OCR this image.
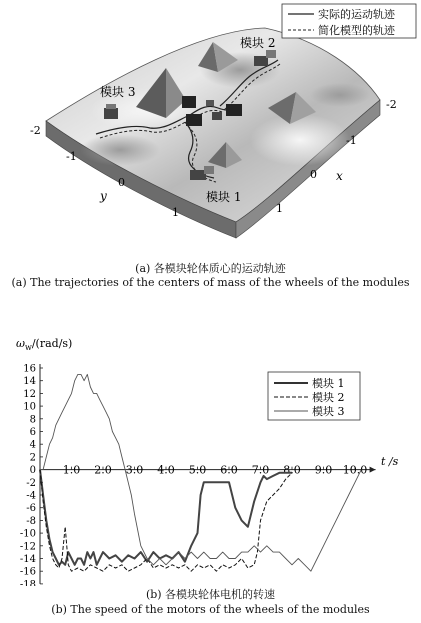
模块 3
模块 2
模块 1
-2
-1
0
1
y
-2
-1
0
1
x
实际的运动轨迹
简化模型的轨迹
(a) 各模块轮体质心的运动轨迹
(a) The trajectories of the centers of mass of the wheels of the modules
$\omega_w/(rad/s)$
t /s
16
14
12
10
8
6
4
2
0
-2
-4
-6
-8
-10
-12
-14
-16
-18
1.0 2.0 3.0 4.0 5.0 6.0 7.0 8.0 9.0 10.0
模块 1
模块 2
模块 3
(b) 各模块轮体电机的转速
(b) The speed of the motors of the wheels of the modules
